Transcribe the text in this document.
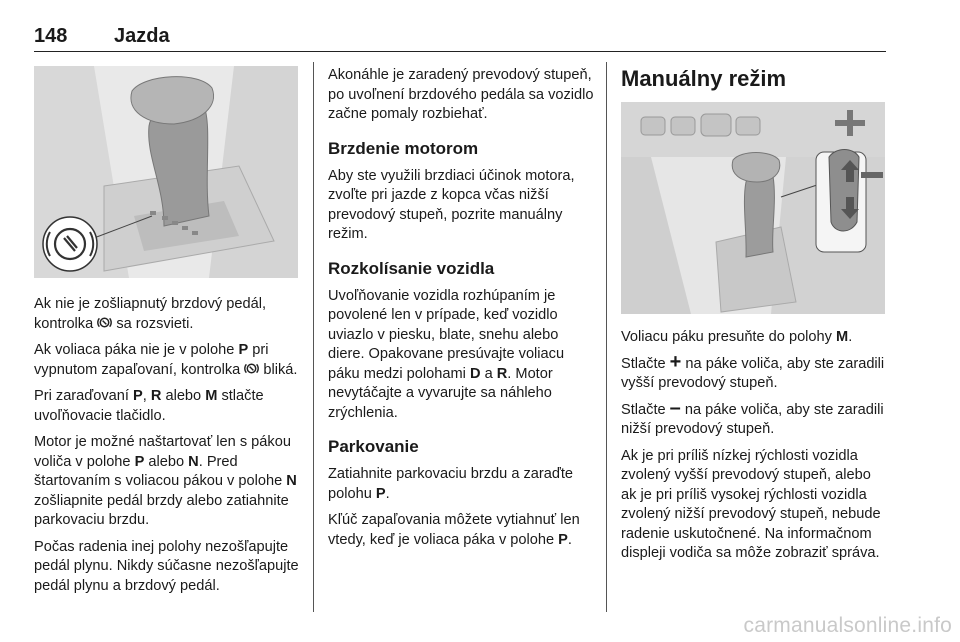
148 Jazda

Ak nie je zošliapnutý brzdový pedál, kontrolka  sa rozsvieti.

Ak voliaca páka nie je v polohe P pri vypnutom zapaľovaní, kontrolka  bliká.

Pri zaraďovaní P, R alebo M stlačte uvoľňovacie tlačidlo.

Motor je možné naštartovať len s pákou voliča v polohe P alebo N. Pred štartovaním s voliacou pákou v polohe N zošliapnite pedál brzdy alebo zatiahnite parkovaciu brzdu.

Počas radenia inej polohy nezošľapujte pedál plynu. Nikdy súčasne nezošľapujte pedál plynu a brzdový pedál.

Akonáhle je zaradený prevodový stupeň, po uvoľnení brzdového pedála sa vozidlo začne pomaly rozbiehať.

Brzdenie motorom

Aby ste využili brzdiaci účinok motora, zvoľte pri jazde z kopca včas nižší prevodový stupeň, pozrite manuálny režim.

Rozkolísanie vozidla

Uvoľňovanie vozidla rozhúpaním je povolené len v prípade, keď vozidlo uviazlo v piesku, blate, snehu alebo diere. Opakovane presúvajte voliacu páku medzi polohami D a R. Motor nevytáčajte a vyvarujte sa náhleho zrýchlenia.

Parkovanie

Zatiahnite parkovaciu brzdu a zaraďte polohu P.

Kľúč zapaľovania môžete vytiahnuť len vtedy, keď je voliaca páka v polohe P.

Manuálny režim

Voliacu páku presuňte do polohy M.

Stlačte + na páke voliča, aby ste zaradili vyšší prevodový stupeň.

Stlačte – na páke voliča, aby ste zaradili nižší prevodový stupeň.

Ak je pri príliš nízkej rýchlosti vozidla zvolený vyšší prevodový stupeň, alebo ak je pri príliš vysokej rýchlosti vozidla zvolený nižší prevodový stupeň, nebude radenie uskutočnené. Na informačnom displeji vodiča sa môže zobraziť správa.

carmanualsonline.info
